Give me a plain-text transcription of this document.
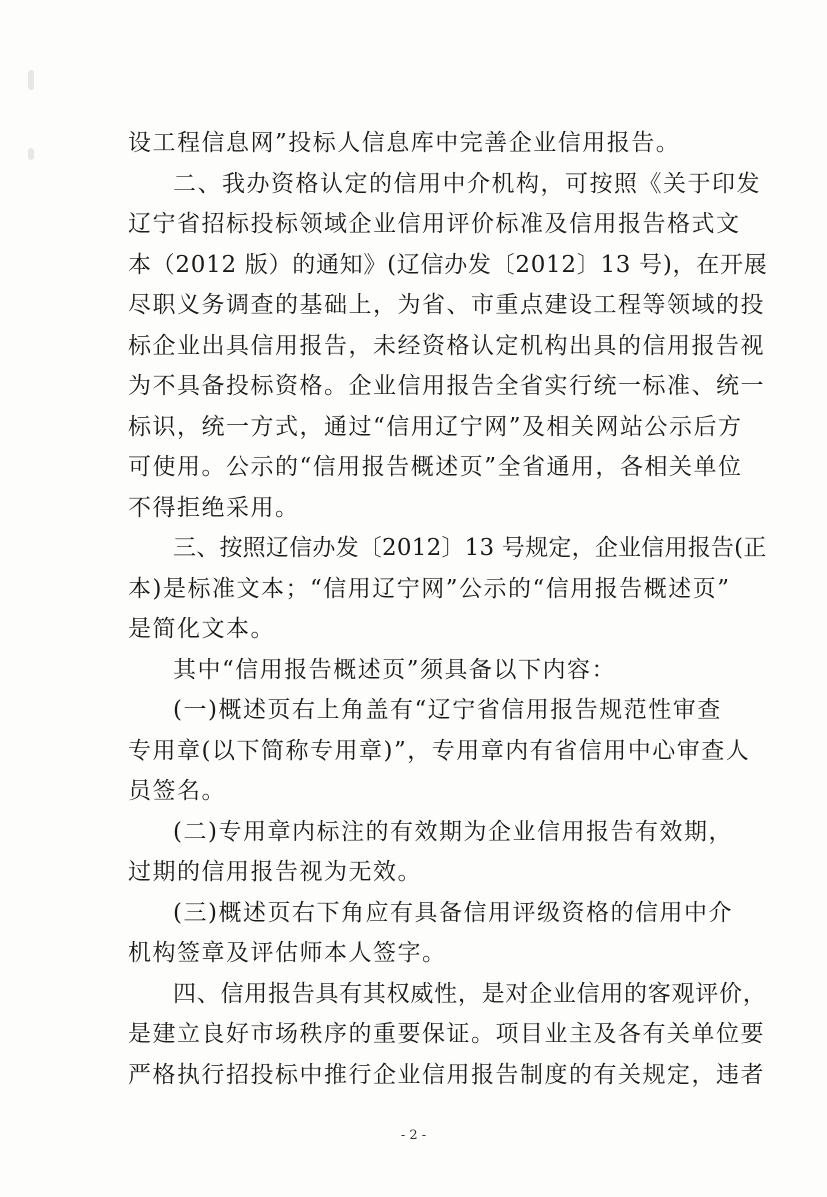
- 2 -
设工程信息网”投标人信息库中完善企业信用报告。
二、我办资格认定的信用中介机构，可按照《关于印发
辽宁省招标投标领域企业信用评价标准及信用报告格式文
本（2012 版）的通知》(辽信办发〔2012〕13 号)，在开展
尽职义务调查的基础上，为省、市重点建设工程等领域的投
标企业出具信用报告，未经资格认定机构出具的信用报告视
为不具备投标资格。企业信用报告全省实行统一标准、统一
标识，统一方式，通过“信用辽宁网”及相关网站公示后方
可使用。公示的“信用报告概述页”全省通用，各相关单位
不得拒绝采用。
三、按照辽信办发〔2012〕13 号规定，企业信用报告(正
本)是标准文本；“信用辽宁网”公示的“信用报告概述页”
是简化文本。
其中“信用报告概述页”须具备以下内容：
(一)概述页右上角盖有“辽宁省信用报告规范性审查
专用章(以下简称专用章)”，专用章内有省信用中心审查人
员签名。
(二)专用章内标注的有效期为企业信用报告有效期，
过期的信用报告视为无效。
(三)概述页右下角应有具备信用评级资格的信用中介
机构签章及评估师本人签字。
四、信用报告具有其权威性，是对企业信用的客观评价，
是建立良好市场秩序的重要保证。项目业主及各有关单位要
严格执行招投标中推行企业信用报告制度的有关规定，违者
